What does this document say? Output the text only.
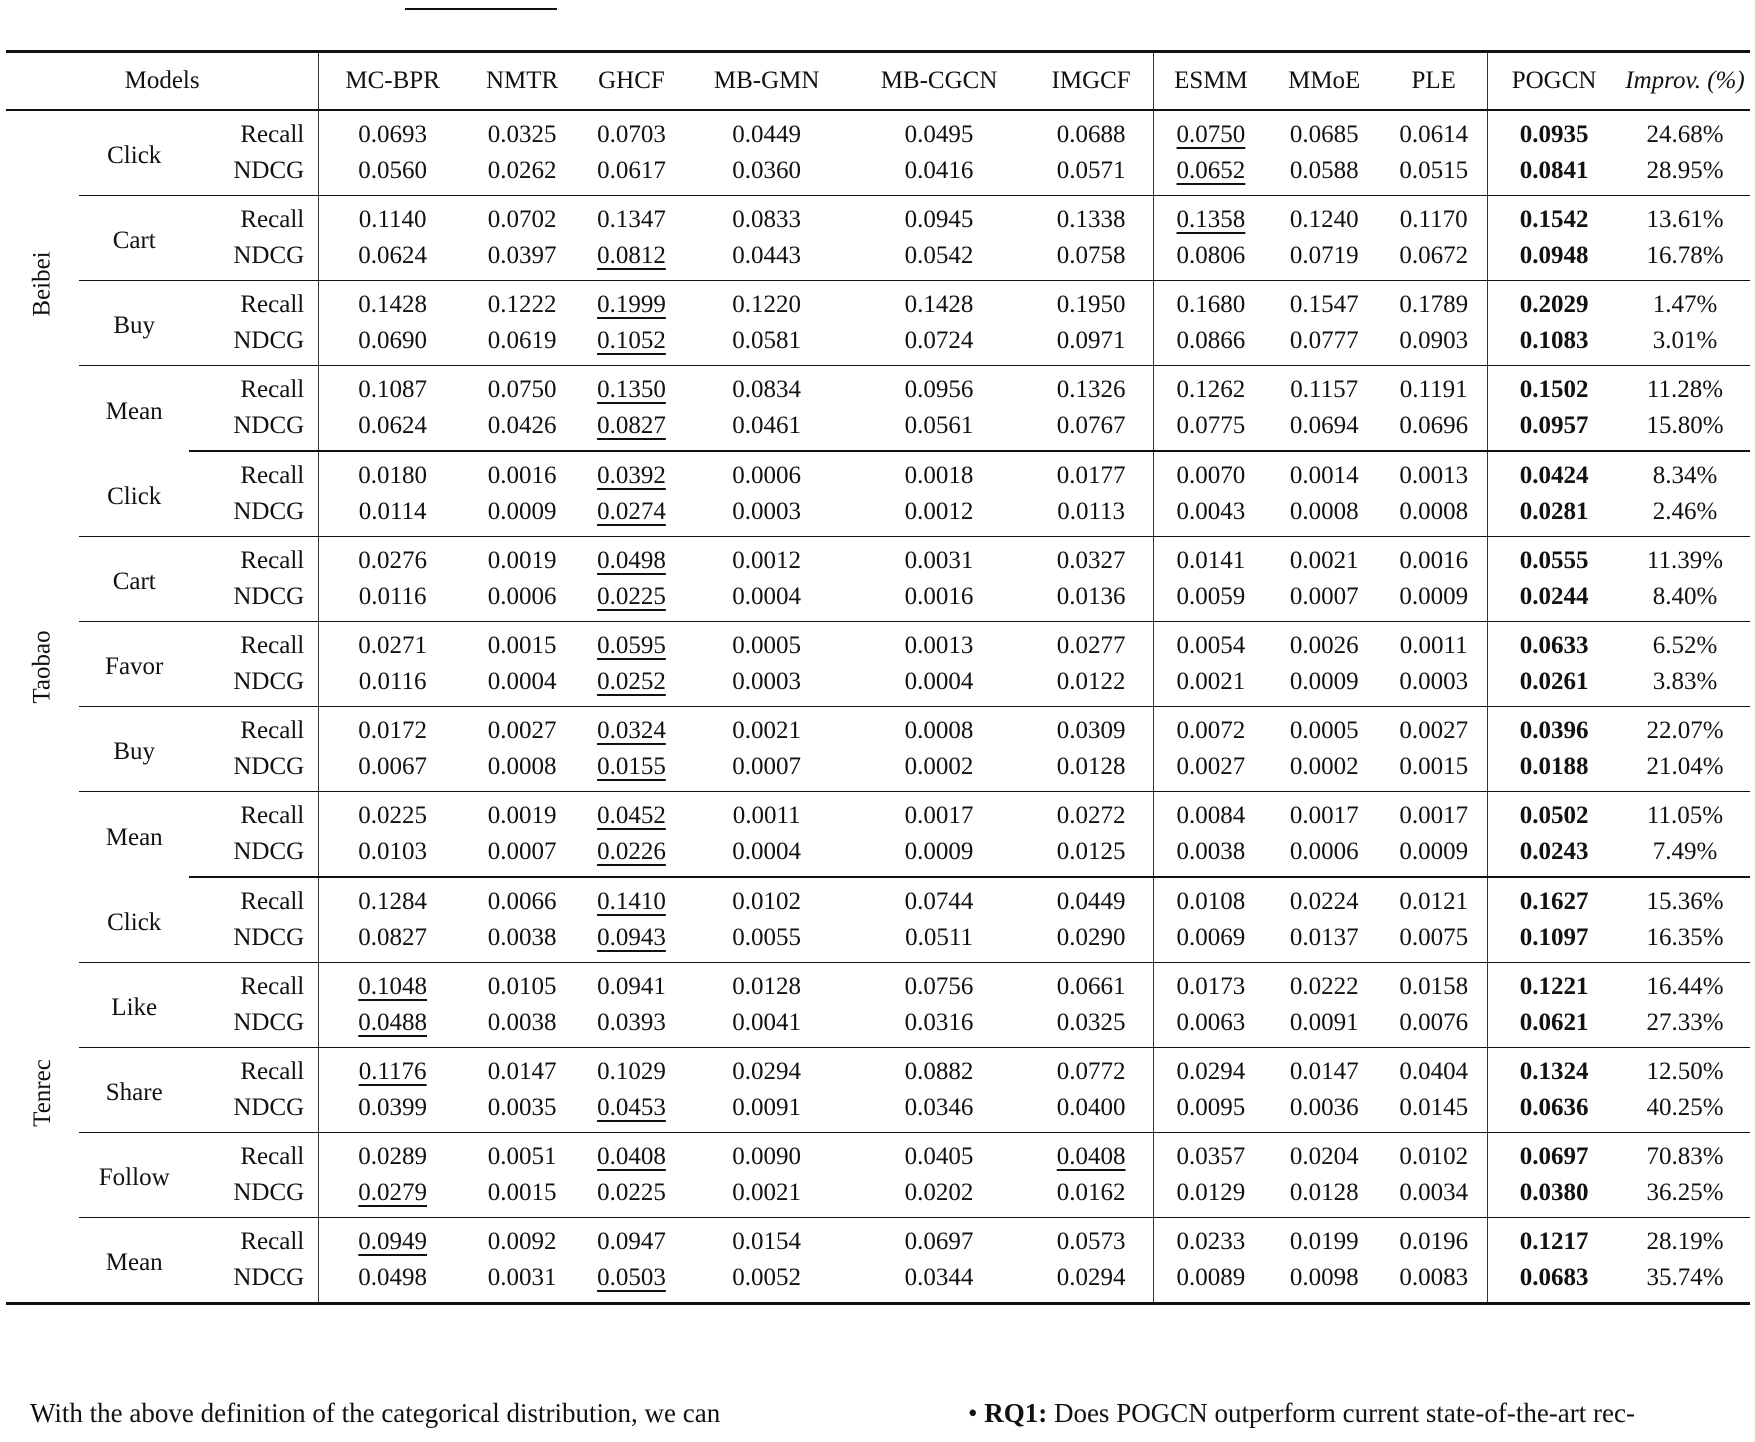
Models			MC-BPR	NMTR	GHCF	MB-GMN	MB-CGCN	IMGCF	ESMM	MMoE	PLE	POGCN	Improv. (%)
Beibei	Click	Recall	0.0693	0.0325	0.0703	0.0449	0.0495	0.0688	0.0750	0.0685	0.0614	0.0935	24.68%
		NDCG	0.0560	0.0262	0.0617	0.0360	0.0416	0.0571	0.0652	0.0588	0.0515	0.0841	28.95%
	Cart	Recall	0.1140	0.0702	0.1347	0.0833	0.0945	0.1338	0.1358	0.1240	0.1170	0.1542	13.61%
		NDCG	0.0624	0.0397	0.0812	0.0443	0.0542	0.0758	0.0806	0.0719	0.0672	0.0948	16.78%
	Buy	Recall	0.1428	0.1222	0.1999	0.1220	0.1428	0.1950	0.1680	0.1547	0.1789	0.2029	1.47%
		NDCG	0.0690	0.0619	0.1052	0.0581	0.0724	0.0971	0.0866	0.0777	0.0903	0.1083	3.01%
	Mean	Recall	0.1087	0.0750	0.1350	0.0834	0.0956	0.1326	0.1262	0.1157	0.1191	0.1502	11.28%
		NDCG	0.0624	0.0426	0.0827	0.0461	0.0561	0.0767	0.0775	0.0694	0.0696	0.0957	15.80%
Taobao	Click	Recall	0.0180	0.0016	0.0392	0.0006	0.0018	0.0177	0.0070	0.0014	0.0013	0.0424	8.34%
		NDCG	0.0114	0.0009	0.0274	0.0003	0.0012	0.0113	0.0043	0.0008	0.0008	0.0281	2.46%
	Cart	Recall	0.0276	0.0019	0.0498	0.0012	0.0031	0.0327	0.0141	0.0021	0.0016	0.0555	11.39%
		NDCG	0.0116	0.0006	0.0225	0.0004	0.0016	0.0136	0.0059	0.0007	0.0009	0.0244	8.40%
	Favor	Recall	0.0271	0.0015	0.0595	0.0005	0.0013	0.0277	0.0054	0.0026	0.0011	0.0633	6.52%
		NDCG	0.0116	0.0004	0.0252	0.0003	0.0004	0.0122	0.0021	0.0009	0.0003	0.0261	3.83%
	Buy	Recall	0.0172	0.0027	0.0324	0.0021	0.0008	0.0309	0.0072	0.0005	0.0027	0.0396	22.07%
		NDCG	0.0067	0.0008	0.0155	0.0007	0.0002	0.0128	0.0027	0.0002	0.0015	0.0188	21.04%
	Mean	Recall	0.0225	0.0019	0.0452	0.0011	0.0017	0.0272	0.0084	0.0017	0.0017	0.0502	11.05%
		NDCG	0.0103	0.0007	0.0226	0.0004	0.0009	0.0125	0.0038	0.0006	0.0009	0.0243	7.49%
Tenrec	Click	Recall	0.1284	0.0066	0.1410	0.0102	0.0744	0.0449	0.0108	0.0224	0.0121	0.1627	15.36%
		NDCG	0.0827	0.0038	0.0943	0.0055	0.0511	0.0290	0.0069	0.0137	0.0075	0.1097	16.35%
	Like	Recall	0.1048	0.0105	0.0941	0.0128	0.0756	0.0661	0.0173	0.0222	0.0158	0.1221	16.44%
		NDCG	0.0488	0.0038	0.0393	0.0041	0.0316	0.0325	0.0063	0.0091	0.0076	0.0621	27.33%
	Share	Recall	0.1176	0.0147	0.1029	0.0294	0.0882	0.0772	0.0294	0.0147	0.0404	0.1324	12.50%
		NDCG	0.0399	0.0035	0.0453	0.0091	0.0346	0.0400	0.0095	0.0036	0.0145	0.0636	40.25%
	Follow	Recall	0.0289	0.0051	0.0408	0.0090	0.0405	0.0408	0.0357	0.0204	0.0102	0.0697	70.83%
		NDCG	0.0279	0.0015	0.0225	0.0021	0.0202	0.0162	0.0129	0.0128	0.0034	0.0380	36.25%
	Mean	Recall	0.0949	0.0092	0.0947	0.0154	0.0697	0.0573	0.0233	0.0199	0.0196	0.1217	28.19%
		NDCG	0.0498	0.0031	0.0503	0.0052	0.0344	0.0294	0.0089	0.0098	0.0083	0.0683	35.74%
With the above definition of the categorical distribution, we can	• RQ1: Does POGCN outperform current state-of-the-art rec-
